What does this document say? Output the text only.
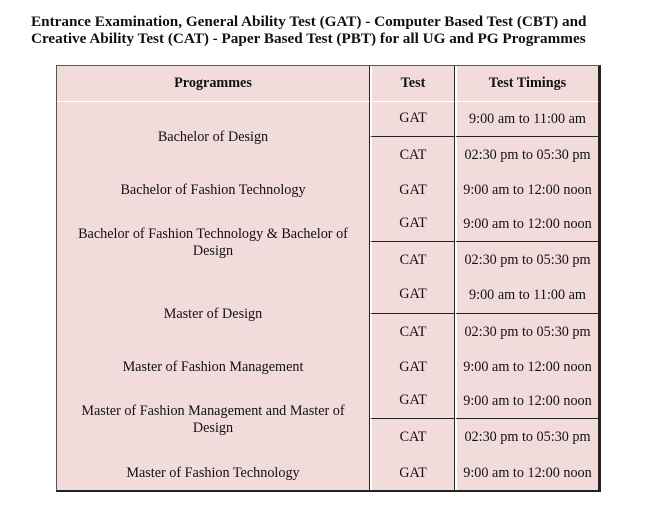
Entrance Examination, General Ability Test (GAT) - Computer Based Test (CBT) and Creative Ability Test (CAT) - Paper Based Test (PBT) for all UG and PG Programmes
Programmes	Test	Test Timings
Bachelor of Design	GAT	9:00 am to 11:00 am
	CAT	02:30 pm to 05:30 pm
Bachelor of Fashion Technology	GAT	9:00 am to 12:00 noon
Bachelor of Fashion Technology & Bachelor of Design	GAT	9:00 am to 12:00 noon
	CAT	02:30 pm to 05:30 pm
Master of Design	GAT	9:00 am to 11:00 am
	CAT	02:30 pm to 05:30 pm
Master of Fashion Management	GAT	9:00 am to 12:00 noon
Master of Fashion Management and Master of Design	GAT	9:00 am to 12:00 noon
	CAT	02:30 pm to 05:30 pm
Master of Fashion Technology	GAT	9:00 am to 12:00 noon
